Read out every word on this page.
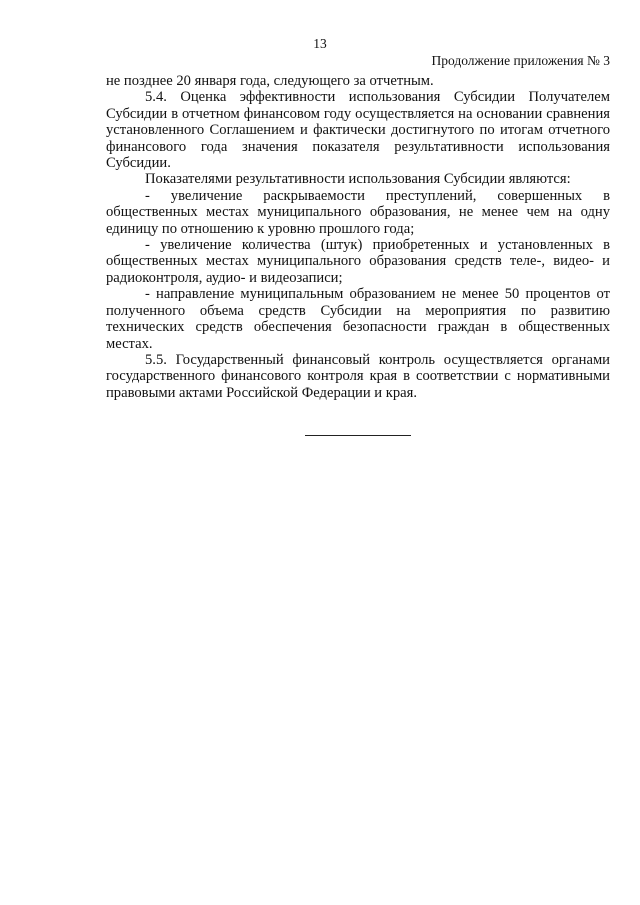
13
Продолжение приложения № 3

не позднее 20 января года, следующего за отчетным.

5.4. Оценка эффективности использования Субсидии Получателем Субсидии в отчетном финансовом году осуществляется на основании сравнения установленного Соглашением и фактически достигнутого по итогам отчетного финансового года значения показателя результативности использования Субсидии.

Показателями результативности использования Субсидии являются:

- увеличение раскрываемости преступлений, совершенных в общественных местах муниципального образования, не менее чем на одну единицу по отношению к уровню прошлого года;

- увеличение количества (штук) приобретенных и установленных в общественных местах муниципального образования средств теле-, видео- и радиоконтроля, аудио- и видеозаписи;

- направление муниципальным образованием не менее 50 процентов от полученного объема средств Субсидии на мероприятия по развитию технических средств обеспечения безопасности граждан в общественных местах.

5.5. Государственный финансовый контроль осуществляется органами государственного финансового контроля края в соответствии с нормативными правовыми актами Российской Федерации и края.
